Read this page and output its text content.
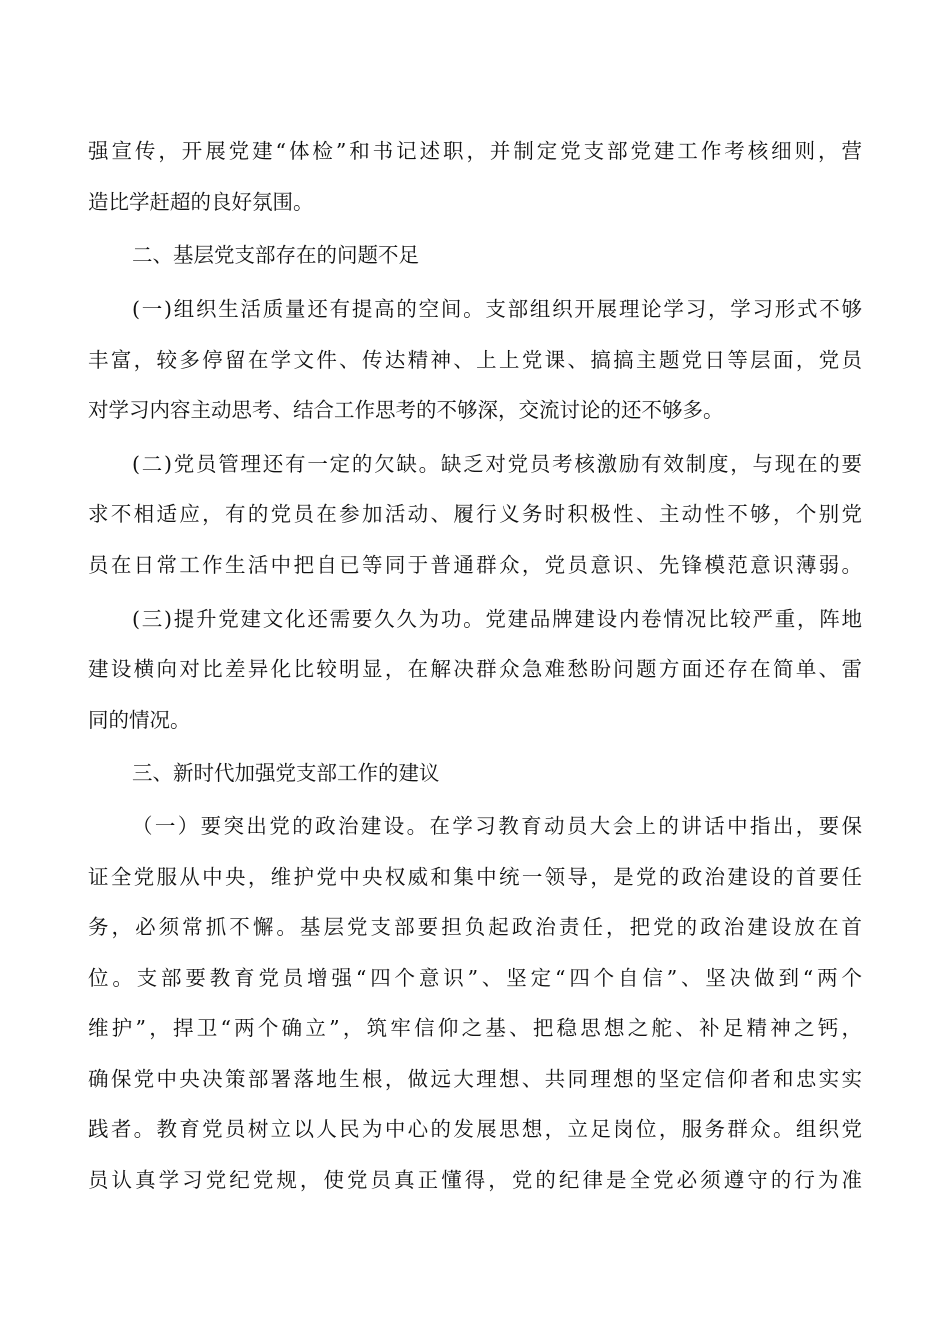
强宣传，开展党建“体检”和书记述职，并制定党支部党建工作考核细则，营
造比学赶超的良好氛围。
二、基层党支部存在的问题不足
(一)组织生活质量还有提高的空间。支部组织开展理论学习，学习形式不够
丰富，较多停留在学文件、传达精神、上上党课、搞搞主题党日等层面，党员
对学习内容主动思考、结合工作思考的不够深，交流讨论的还不够多。
(二)党员管理还有一定的欠缺。缺乏对党员考核激励有效制度，与现在的要
求不相适应，有的党员在参加活动、履行义务时积极性、主动性不够，个别党
员在日常工作生活中把自已等同于普通群众，党员意识、先锋模范意识薄弱。
(三)提升党建文化还需要久久为功。党建品牌建设内卷情况比较严重，阵地
建设横向对比差异化比较明显，在解决群众急难愁盼问题方面还存在简单、雷
同的情况。
三、新时代加强党支部工作的建议
（一）要突出党的政治建设。在学习教育动员大会上的讲话中指出，要保
证全党服从中央，维护党中央权威和集中统一领导，是党的政治建设的首要任
务，必须常抓不懈。基层党支部要担负起政治责任，把党的政治建设放在首
位。支部要教育党员增强“四个意识”、坚定“四个自信”、坚决做到“两个
维护”，捍卫“两个确立”，筑牢信仰之基、把稳思想之舵、补足精神之钙，
确保党中央决策部署落地生根，做远大理想、共同理想的坚定信仰者和忠实实
践者。教育党员树立以人民为中心的发展思想，立足岗位，服务群众。组织党
员认真学习党纪党规，使党员真正懂得，党的纪律是全党必须遵守的行为准
